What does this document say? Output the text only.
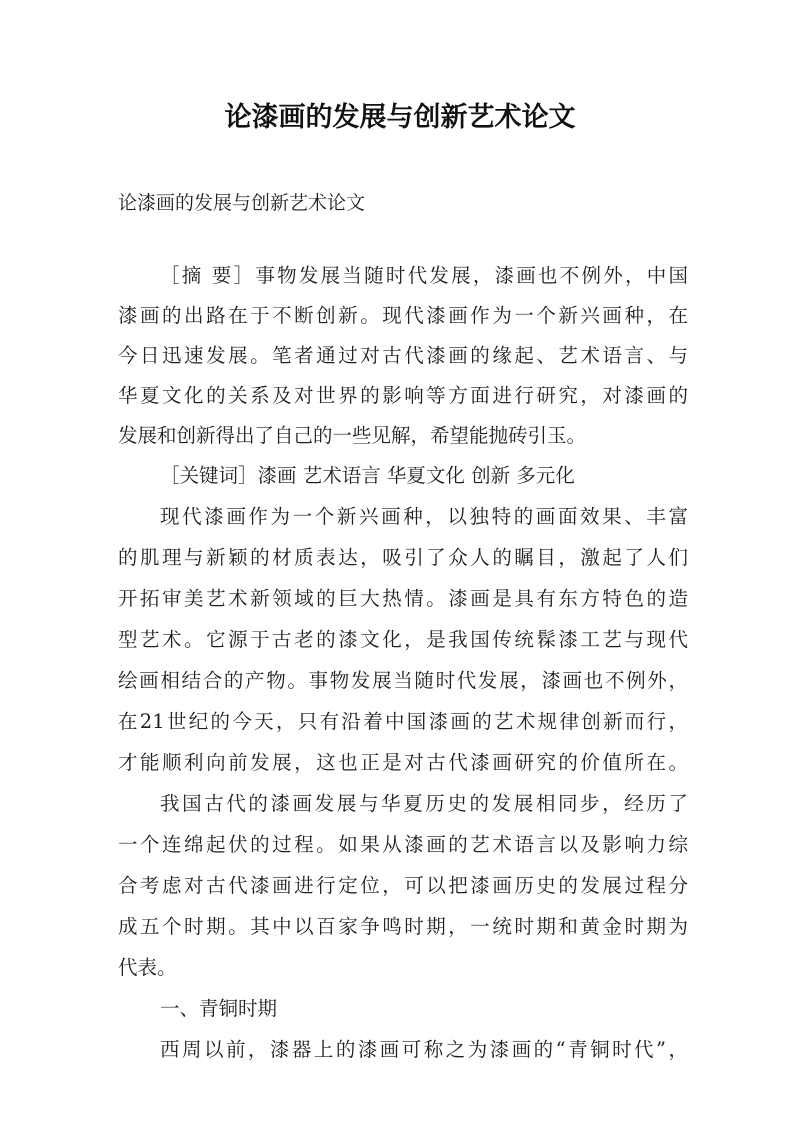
论漆画的发展与创新艺术论文
论漆画的发展与创新艺术论文
［摘 要］事物发展当随时代发展，漆画也不例外，中国
漆画的出路在于不断创新。现代漆画作为一个新兴画种，在
今日迅速发展。笔者通过对古代漆画的缘起、艺术语言、与
华夏文化的关系及对世界的影响等方面进行研究，对漆画的
发展和创新得出了自己的一些见解，希望能抛砖引玉。
［关键词］漆画 艺术语言 华夏文化 创新 多元化
现代漆画作为一个新兴画种，以独特的画面效果、丰富
的肌理与新颖的材质表达，吸引了众人的瞩目，激起了人们
开拓审美艺术新领域的巨大热情。漆画是具有东方特色的造
型艺术。它源于古老的漆文化，是我国传统髹漆工艺与现代
绘画相结合的产物。事物发展当随时代发展，漆画也不例外，
在21世纪的今天，只有沿着中国漆画的艺术规律创新而行，
才能顺利向前发展，这也正是对古代漆画研究的价值所在。
我国古代的漆画发展与华夏历史的发展相同步，经历了
一个连绵起伏的过程。如果从漆画的艺术语言以及影响力综
合考虑对古代漆画进行定位，可以把漆画历史的发展过程分
成五个时期。其中以百家争鸣时期，一统时期和黄金时期为
代表。
一、青铜时期
西周以前，漆器上的漆画可称之为漆画的“青铜时代”，
